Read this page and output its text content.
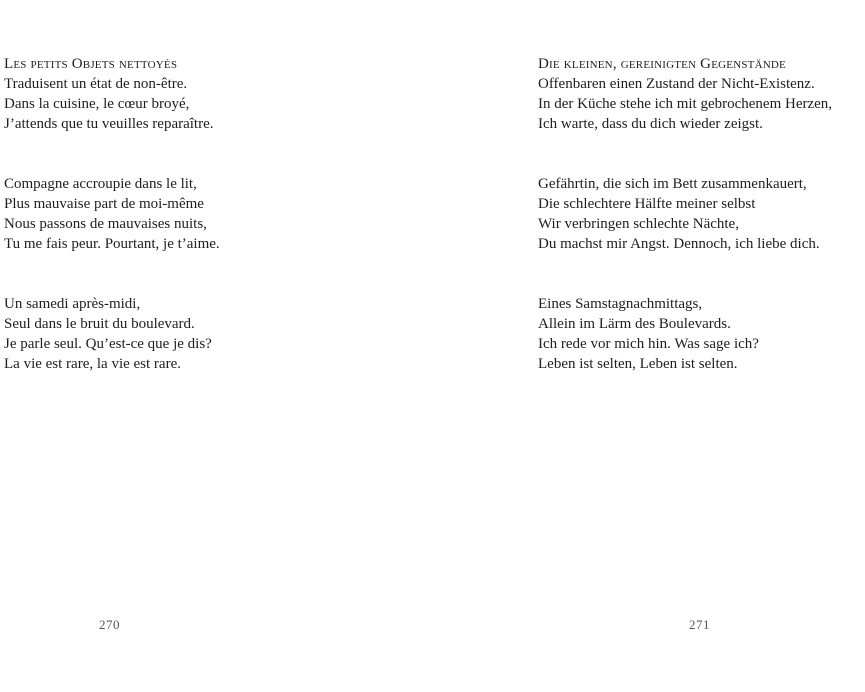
Les petits Objets nettoyés
Traduisent un état de non-être.
Dans la cuisine, le cœur broyé,
J’attends que tu veuilles reparaître.
Compagne accroupie dans le lit,
Plus mauvaise part de moi-même
Nous passons de mauvaises nuits,
Tu me fais peur. Pourtant, je t’aime.
Un samedi après-midi,
Seul dans le bruit du boulevard.
Je parle seul. Qu’est-ce que je dis?
La vie est rare, la vie est rare.
270
Die kleinen, gereinigten Gegenstände
Offenbaren einen Zustand der Nicht-Existenz.
In der Küche stehe ich mit gebrochenem Herzen,
Ich warte, dass du dich wieder zeigst.
Gefährtin, die sich im Bett zusammenkauert,
Die schlechtere Hälfte meiner selbst
Wir verbringen schlechte Nächte,
Du machst mir Angst. Dennoch, ich liebe dich.
Eines Samstagnachmittags,
Allein im Lärm des Boulevards.
Ich rede vor mich hin. Was sage ich?
Leben ist selten, Leben ist selten.
271
